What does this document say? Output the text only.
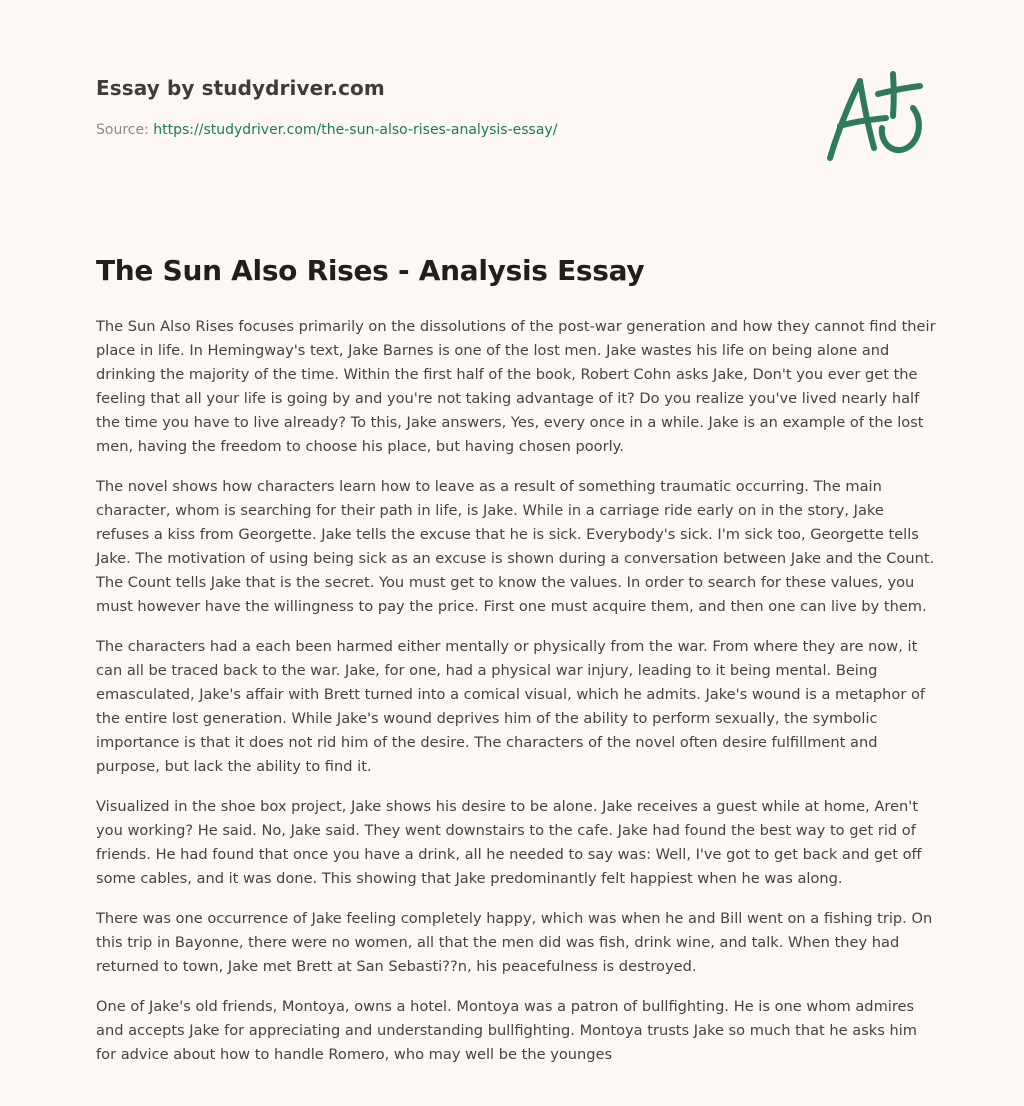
Essay by studydriver.com
Source: https://studydriver.com/the-sun-also-rises-analysis-essay/
The Sun Also Rises - Analysis Essay

The Sun Also Rises focuses primarily on the dissolutions of the post-war generation and how they cannot find their place in life. In Hemingway's text, Jake Barnes is one of the lost men. Jake wastes his life on being alone and drinking the majority of the time. Within the first half of the book, Robert Cohn asks Jake, Don't you ever get the feeling that all your life is going by and you're not taking advantage of it? Do you realize you've lived nearly half the time you have to live already? To this, Jake answers, Yes, every once in a while. Jake is an example of the lost men, having the freedom to choose his place, but having chosen poorly.

The novel shows how characters learn how to leave as a result of something traumatic occurring. The main character, whom is searching for their path in life, is Jake. While in a carriage ride early on in the story, Jake refuses a kiss from Georgette. Jake tells the excuse that he is sick. Everybody's sick. I'm sick too, Georgette tells Jake. The motivation of using being sick as an excuse is shown during a conversation between Jake and the Count. The Count tells Jake that is the secret. You must get to know the values. In order to search for these values, you must however have the willingness to pay the price. First one must acquire them, and then one can live by them.

The characters had a each been harmed either mentally or physically from the war. From where they are now, it can all be traced back to the war. Jake, for one, had a physical war injury, leading to it being mental. Being emasculated, Jake's affair with Brett turned into a comical visual, which he admits. Jake's wound is a metaphor of the entire lost generation. While Jake's wound deprives him of the ability to perform sexually, the symbolic importance is that it does not rid him of the desire. The characters of the novel often desire fulfillment and purpose, but lack the ability to find it.

Visualized in the shoe box project, Jake shows his desire to be alone. Jake receives a guest while at home, Aren't you working? He said. No, Jake said. They went downstairs to the cafe. Jake had found the best way to get rid of friends. He had found that once you have a drink, all he needed to say was: Well, I've got to get back and get off some cables, and it was done. This showing that Jake predominantly felt happiest when he was along.

There was one occurrence of Jake feeling completely happy, which was when he and Bill went on a fishing trip. On this trip in Bayonne, there were no women, all that the men did was fish, drink wine, and talk. When they had returned to town, Jake met Brett at San Sebasti??n, his peacefulness is destroyed.

One of Jake's old friends, Montoya, owns a hotel. Montoya was a patron of bullfighting. He is one whom admires and accepts Jake for appreciating and understanding bullfighting. Montoya trusts Jake so much that he asks him for advice about how to handle Romero, who may well be the younges
